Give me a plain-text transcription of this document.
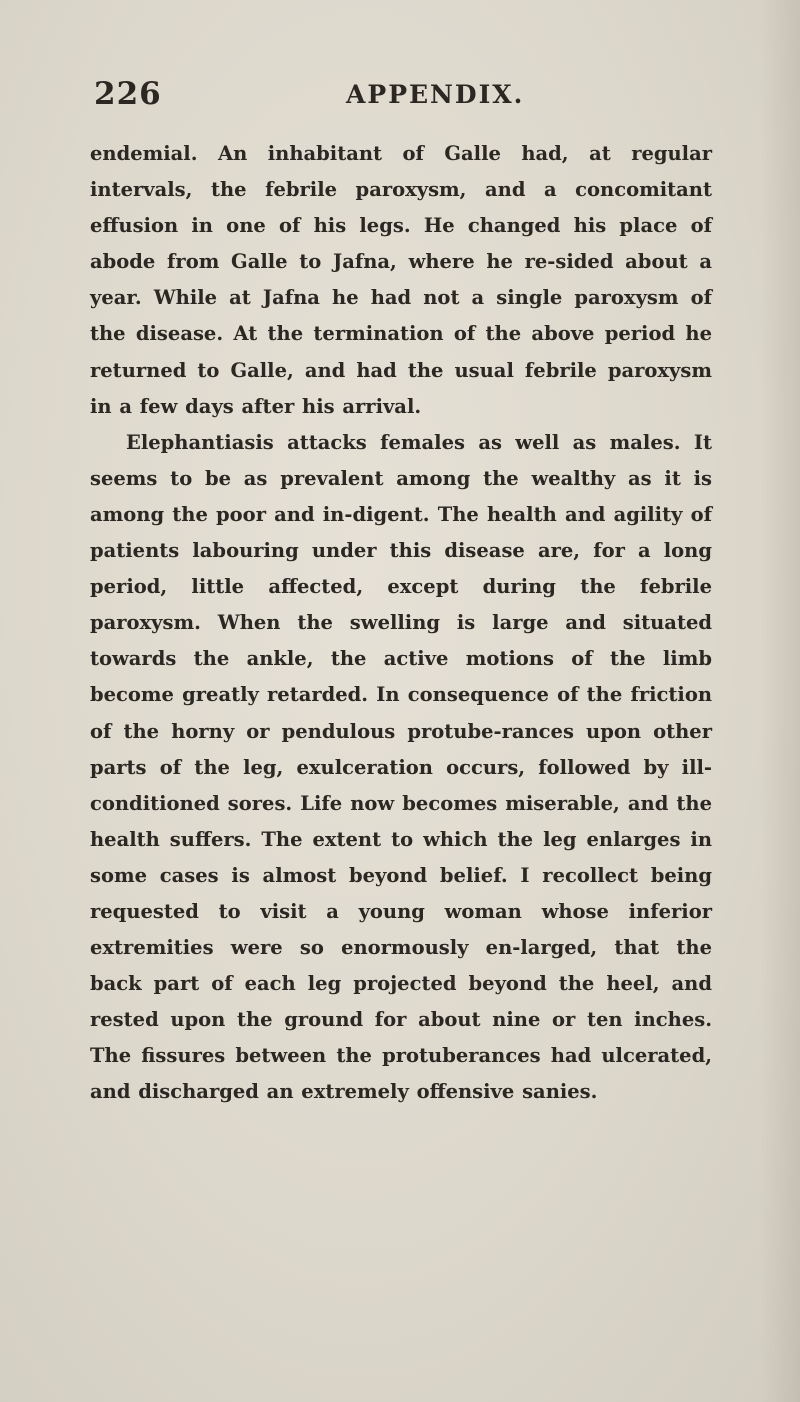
226	APPENDIX.

endemial. An inhabitant of Galle had, at regular intervals, the febrile paroxysm, and a concomitant effusion in one of his legs. He changed his place of abode from Galle to Jafna, where he re-sided about a year. While at Jafna he had not a single paroxysm of the disease. At the termination of the above period he returned to Galle, and had the usual febrile paroxysm in a few days after his arrival.

Elephantiasis attacks females as well as males. It seems to be as prevalent among the wealthy as it is among the poor and in-digent. The health and agility of patients labouring under this disease are, for a long period, little affected, except during the febrile paroxysm. When the swelling is large and situated towards the ankle, the active motions of the limb become greatly retarded. In consequence of the friction of the horny or pendulous protube-rances upon other parts of the leg, exulceration occurs, followed by ill-conditioned sores. Life now becomes miserable, and the health suffers. The extent to which the leg enlarges in some cases is almost beyond belief. I recollect being requested to visit a young woman whose inferior extremities were so enormously en-larged, that the back part of each leg projected beyond the heel, and rested upon the ground for about nine or ten inches. The fissures between the protuberances had ulcerated, and discharged an extremely offensive sanies.
